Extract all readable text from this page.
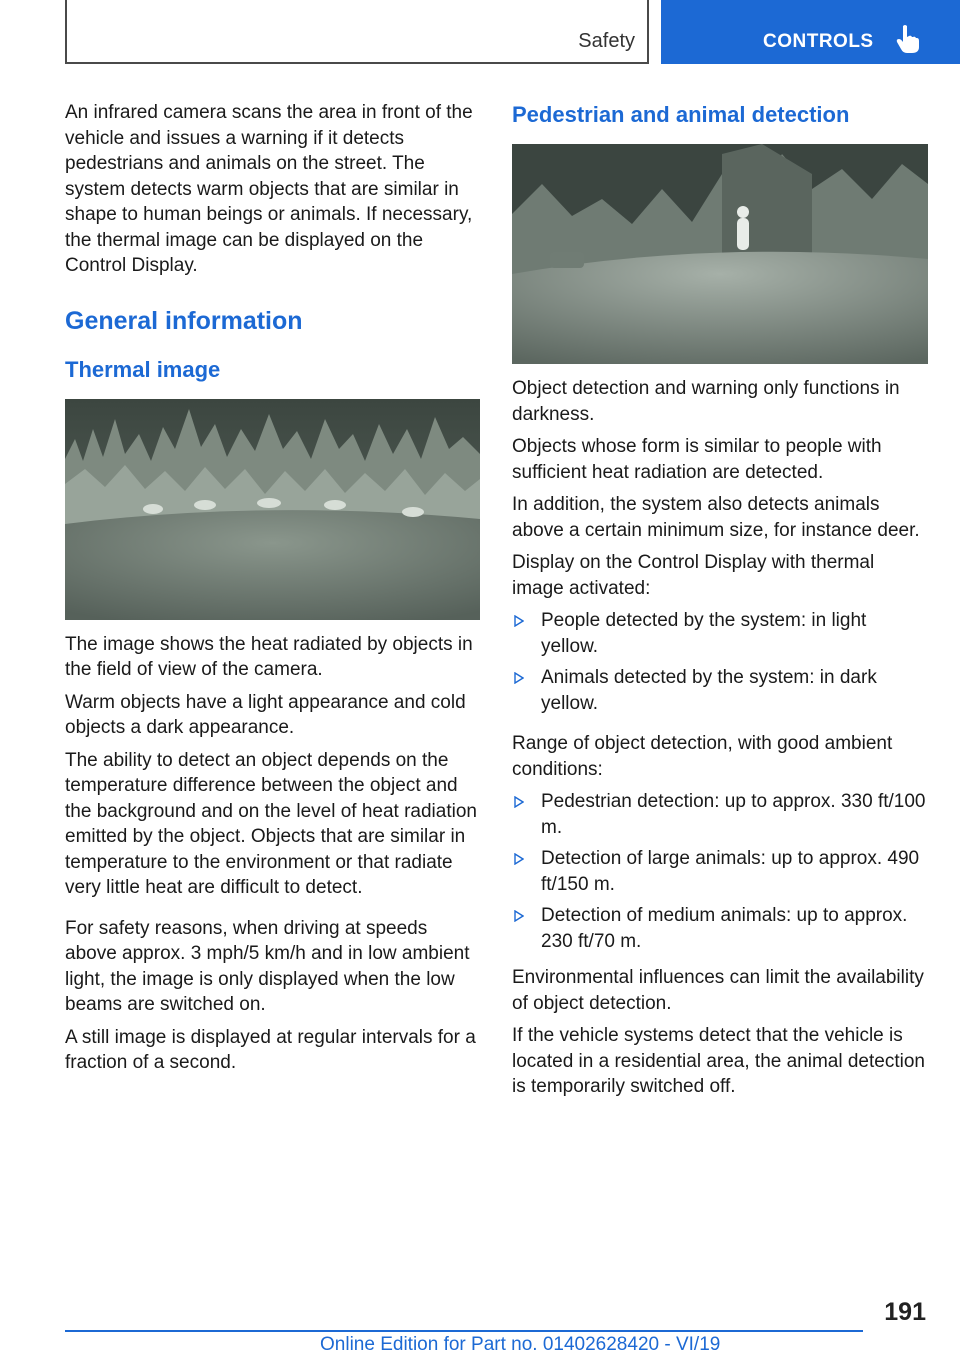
Safety	CONTROLS

An infrared camera scans the area in front of the vehicle and issues a warning if it detects pedestrians and animals on the street. The system detects warm objects that are similar in shape to human beings or animals. If necessary, the thermal image can be displayed on the Control Display.

General information
Thermal image

The image shows the heat radiated by objects in the field of view of the camera.

Warm objects have a light appearance and cold objects a dark appearance.

The ability to detect an object depends on the temperature difference between the object and the background and on the level of heat radiation emitted by the object. Objects that are similar in temperature to the environment or that radiate very little heat are difficult to detect.

For safety reasons, when driving at speeds above approx. 3 mph/5 km/h and in low ambient light, the image is only displayed when the low beams are switched on.

A still image is displayed at regular intervals for a fraction of a second.

Pedestrian and animal detection

Object detection and warning only functions in darkness.

Objects whose form is similar to people with sufficient heat radiation are detected.

In addition, the system also detects animals above a certain minimum size, for instance deer.

Display on the Control Display with thermal image activated:

People detected by the system: in light yellow.
Animals detected by the system: in dark yellow.

Range of object detection, with good ambient conditions:

Pedestrian detection: up to approx. 330 ft/100 m.
Detection of large animals: up to approx. 490 ft/150 m.
Detection of medium animals: up to approx. 230 ft/70 m.

Environmental influences can limit the availability of object detection.

If the vehicle systems detect that the vehicle is located in a residential area, the animal detection is temporarily switched off.

191
Online Edition for Part no. 01402628420 - VI/19
